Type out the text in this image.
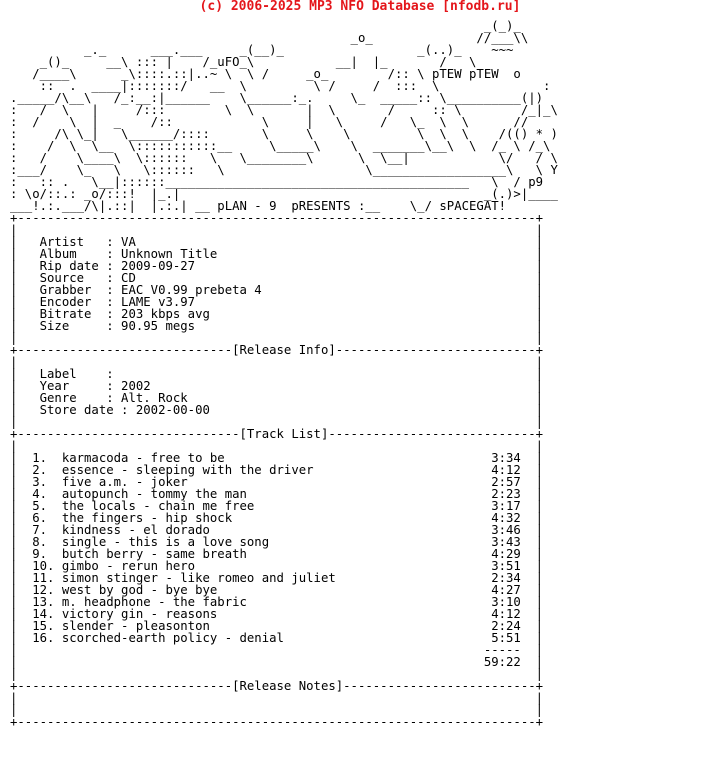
(c) 2006-2025 MP3 NFO Database [nfodb.ru]
_(_)_
_o_              //___\\
_._      ___.___     _(__)_                  _(..)_    ~~~
_()_     __\ ::: |    /_uFO_\           __|  |_       /   \
/____\      _\::::.::|..~ \  \ /     _o_        /:: \ pTEW pTEW  o
::  .  ____|:::::::/   __  \         \ /     /  :::  \              :
._____/\__\   /_:__:|______    \______:_.     \_  _____:: \__________(|)
:   /  \   |     /:::        \  \       |  \       /     :: \        /_|_\
:  /    \  |  _    /::            \     |   \     /   \_  \  \      //
:     /\ \_|   \______/::::       \     \    \         \  \  \    /(() * )
:    /  \  \__  \:::::::::::__     \_____\    \  _______\__\  \  /_ \ /_\
:   /    \____\  \::::::   \   \________\      \  \__|            \/   / \
:___/    \_   \   \::::::   \                   \__________________\   \ Y
:   :: .   \__|::::::_________________________________________   \  / p9
: \o/::.: _o/:::!  |_.|                                         _(.)>|____
___!.:.___/\|.::|  |.:.| __ pLAN - 9  pRESENTS :__    \_/ sPACEGAT!
+----------------------------------------------------------------------+
|                                                                      |
|   Artist   : VA                                                      |
|   Album    : Unknown Title                                           |
|   Rip date : 2009-09-27                                              |
|   Source   : CD                                                      |
|   Grabber  : EAC V0.99 prebeta 4                                     |
|   Encoder  : LAME v3.97                                              |
|   Bitrate  : 203 kbps avg                                            |
|   Size     : 90.95 megs                                              |
|                                                                      |
+-----------------------------[Release Info]---------------------------+
|                                                                      |
|   Label    :                                                         |
|   Year     : 2002                                                    |
|   Genre    : Alt. Rock                                               |
|   Store date : 2002-00-00                                            |
|                                                                      |
+------------------------------[Track List]----------------------------+
|                                                                      |
|  1.  karmacoda - free to be                                    3:34  |
|  2.  essence - sleeping with the driver                        4:12  |
|  3.  five a.m. - joker                                         2:57  |
|  4.  autopunch - tommy the man                                 2:23  |
|  5.  the locals - chain me free                                3:17  |
|  6.  the fingers - hip shock                                   4:32  |
|  7.  kindness - el dorado                                      3:46  |
|  8.  single - this is a love song                              3:43  |
|  9.  butch berry - same breath                                 4:29  |
|  10. gimbo - rerun hero                                        3:51  |
|  11. simon stinger - like romeo and juliet                     2:34  |
|  12. west by god - bye bye                                     4:27  |
|  13. m. headphone - the fabric                                 3:10  |
|  14. victory gin - reasons                                     4:12  |
|  15. slender - pleasonton                                      2:24  |
|  16. scorched-earth policy - denial                            5:51  |
|                                                               -----  |
|                                                               59:22  |
|                                                                      |
+-----------------------------[Release Notes]--------------------------+
|                                                                      |
|                                                                      |
+----------------------------------------------------------------------+
